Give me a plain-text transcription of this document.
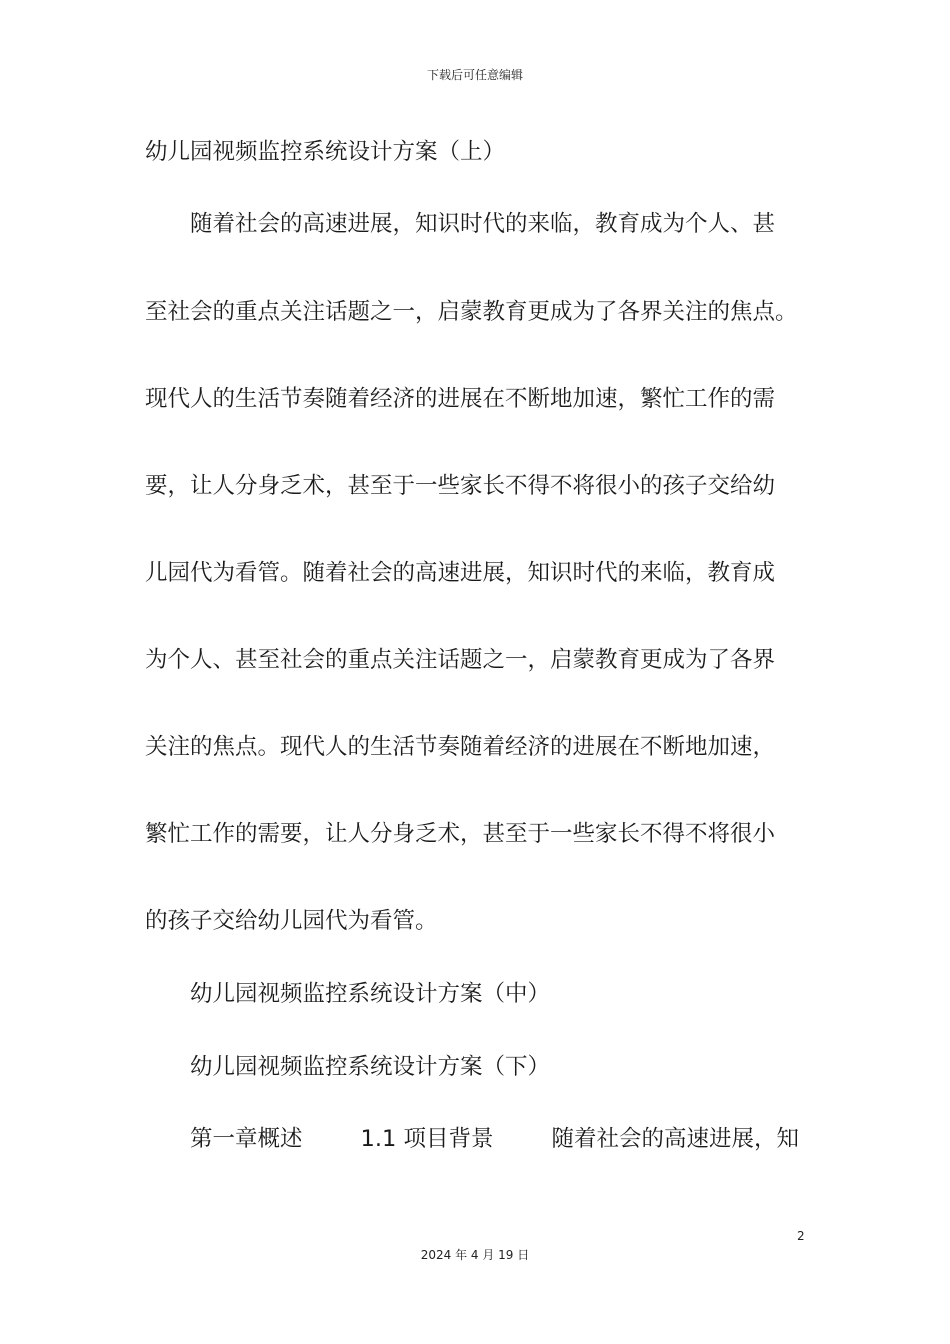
下载后可任意编辑
幼儿园视频监控系统设计方案（上）
随着社会的高速进展，知识时代的来临，教育成为个人、甚
至社会的重点关注话题之一，启蒙教育更成为了各界关注的焦点。
现代人的生活节奏随着经济的进展在不断地加速，繁忙工作的需
要，让人分身乏术，甚至于一些家长不得不将很小的孩子交给幼
儿园代为看管。随着社会的高速进展，知识时代的来临，教育成
为个人、甚至社会的重点关注话题之一，启蒙教育更成为了各界
关注的焦点。现代人的生活节奏随着经济的进展在不断地加速，
繁忙工作的需要，让人分身乏术，甚至于一些家长不得不将很小
的孩子交给幼儿园代为看管。
幼儿园视频监控系统设计方案（中）
幼儿园视频监控系统设计方案（下）
第一章概述	1.1 项目背景	随着社会的高速进展，知
2
2024 年 4 月 19 日
